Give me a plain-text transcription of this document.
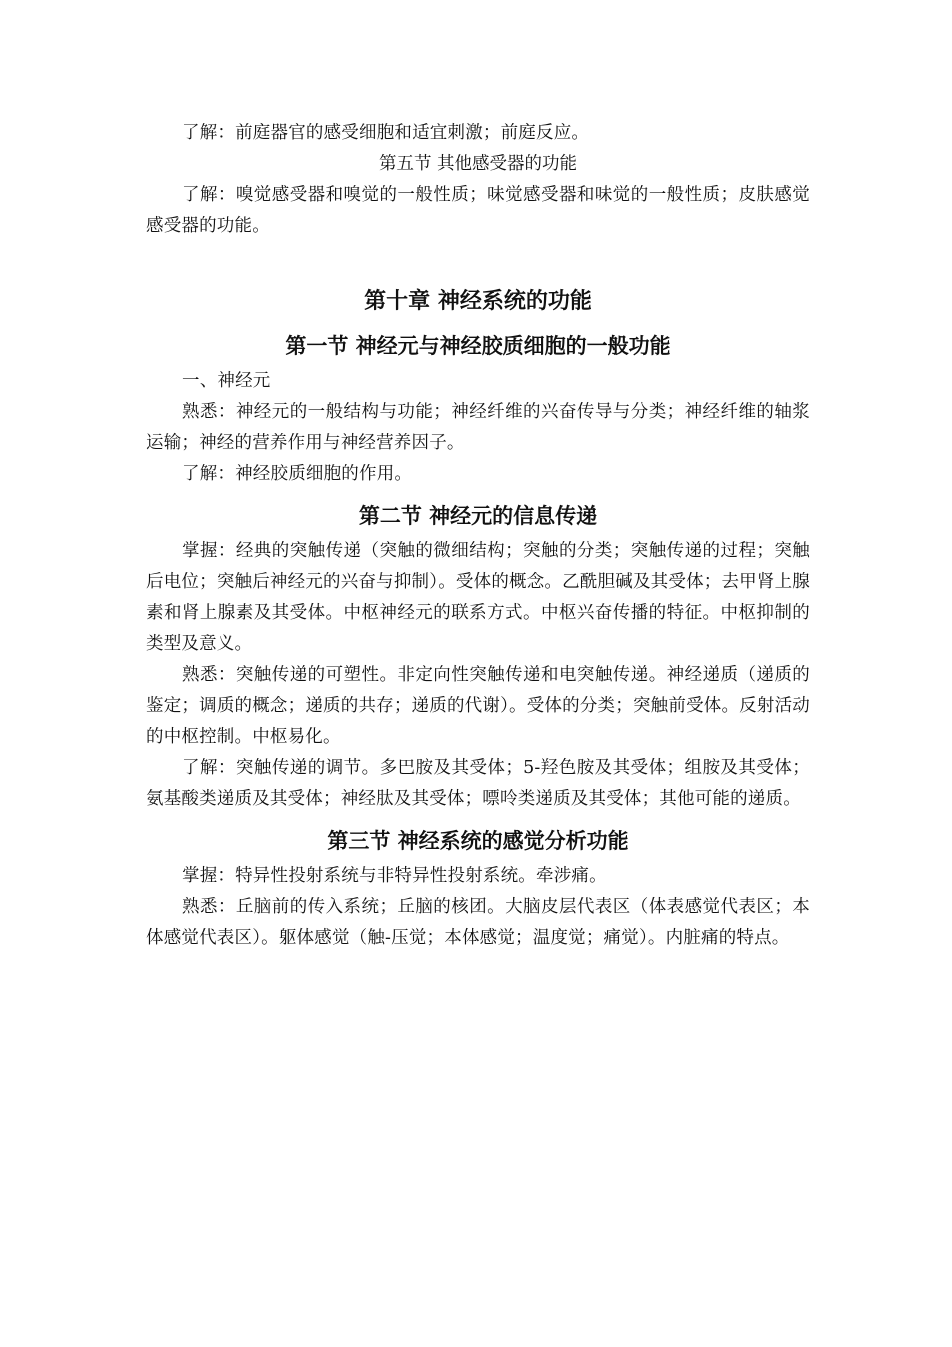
了解：前庭器官的感受细胞和适宜刺激；前庭反应。

第五节 其他感受器的功能

了解：嗅觉感受器和嗅觉的一般性质；味觉感受器和味觉的一般性质；皮肤感觉感受器的功能。

第十章 神经系统的功能
第一节 神经元与神经胶质细胞的一般功能

一、神经元

熟悉：神经元的一般结构与功能；神经纤维的兴奋传导与分类；神经纤维的轴浆运输；神经的营养作用与神经营养因子。

了解：神经胶质细胞的作用。

第二节 神经元的信息传递

掌握：经典的突触传递（突触的微细结构；突触的分类；突触传递的过程；突触后电位；突触后神经元的兴奋与抑制）。受体的概念。乙酰胆碱及其受体；去甲肾上腺素和肾上腺素及其受体。中枢神经元的联系方式。中枢兴奋传播的特征。中枢抑制的类型及意义。

熟悉：突触传递的可塑性。非定向性突触传递和电突触传递。神经递质（递质的鉴定；调质的概念；递质的共存；递质的代谢）。受体的分类；突触前受体。反射活动的中枢控制。中枢易化。

了解：突触传递的调节。多巴胺及其受体；5-羟色胺及其受体；组胺及其受体；氨基酸类递质及其受体；神经肽及其受体；嘌呤类递质及其受体；其他可能的递质。

第三节 神经系统的感觉分析功能

掌握：特异性投射系统与非特异性投射系统。牵涉痛。

熟悉：丘脑前的传入系统；丘脑的核团。大脑皮层代表区（体表感觉代表区；本体感觉代表区）。躯体感觉（触-压觉；本体感觉；温度觉；痛觉）。内脏痛的特点。
